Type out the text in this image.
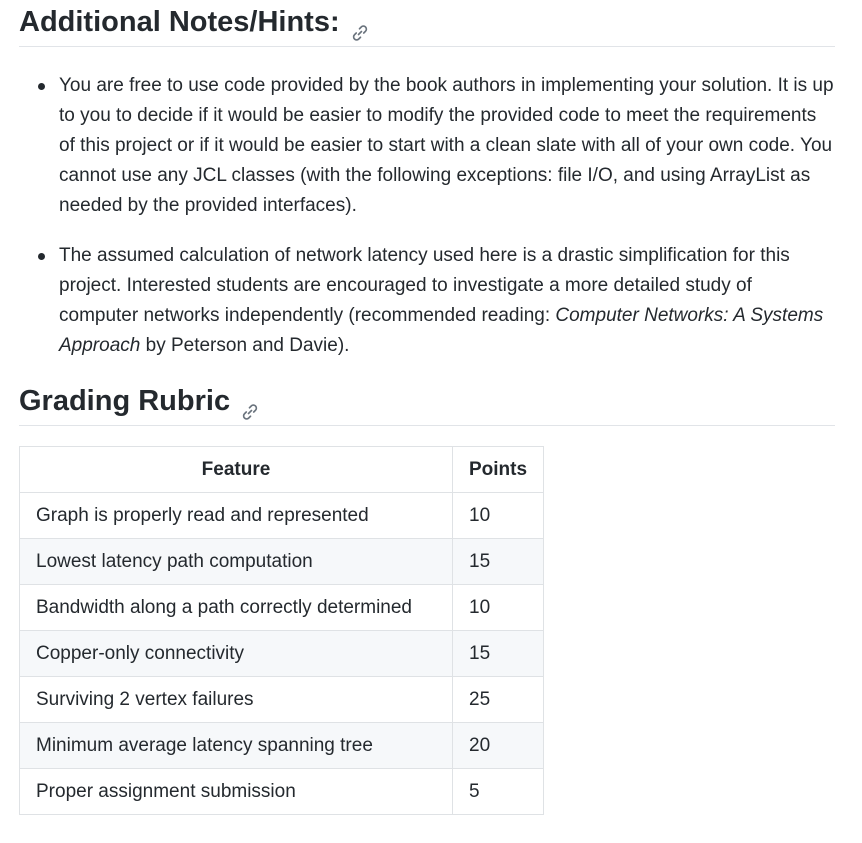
Additional Notes/Hints:
You are free to use code provided by the book authors in implementing your solution. It is up to you to decide if it would be easier to modify the provided code to meet the requirements of this project or if it would be easier to start with a clean slate with all of your own code. You cannot use any JCL classes (with the following exceptions: file I/O, and using ArrayList as needed by the provided interfaces).
The assumed calculation of network latency used here is a drastic simplification for this project. Interested students are encouraged to investigate a more detailed study of computer networks independently (recommended reading: Computer Networks: A Systems Approach by Peterson and Davie).
Grading Rubric
Feature	Points
Graph is properly read and represented	10
Lowest latency path computation	15
Bandwidth along a path correctly determined	10
Copper-only connectivity	15
Surviving 2 vertex failures	25
Minimum average latency spanning tree	20
Proper assignment submission	5
